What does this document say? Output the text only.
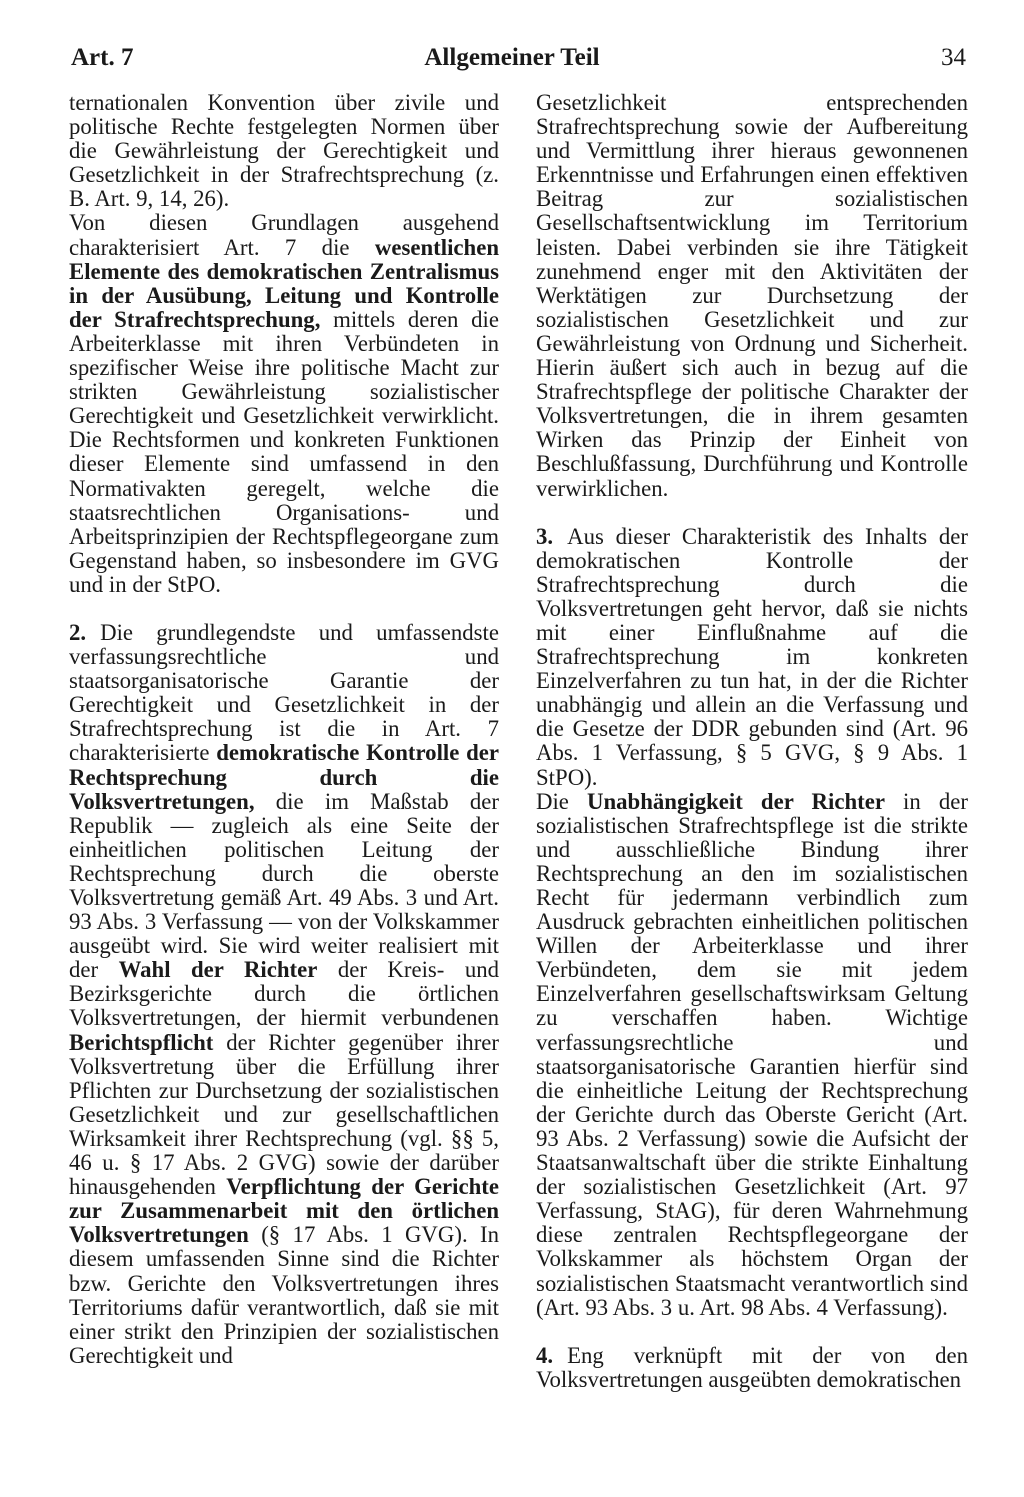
Art. 7	Allgemeiner Teil	34

ternationalen Konvention über zivile und politische Rechte festgelegten Normen über die Gewährleistung der Gerechtigkeit und Gesetzlichkeit in der Strafrechtsprechung (z. B. Art. 9, 14, 26).

Von diesen Grundlagen ausgehend charakterisiert Art. 7 die wesentlichen Elemente des demokratischen Zentralismus in der Ausübung, Leitung und Kontrolle der Strafrechtsprechung, mittels deren die Arbeiterklasse mit ihren Verbündeten in spezifischer Weise ihre politische Macht zur strikten Gewährleistung sozialistischer Gerechtigkeit und Gesetzlichkeit verwirklicht. Die Rechtsformen und konkreten Funktionen dieser Elemente sind umfassend in den Normativakten geregelt, welche die staatsrechtlichen Organisations- und Arbeitsprinzipien der Rechtspflegeorgane zum Gegenstand haben, so insbesondere im GVG und in der StPO.

2. Die grundlegendste und umfassendste verfassungsrechtliche und staatsorganisatorische Garantie der Gerechtigkeit und Gesetzlichkeit in der Strafrechtsprechung ist die in Art. 7 charakterisierte demokratische Kontrolle der Rechtsprechung durch die Volksvertretungen, die im Maßstab der Republik — zugleich als eine Seite der einheitlichen politischen Leitung der Rechtsprechung durch die oberste Volksvertretung gemäß Art. 49 Abs. 3 und Art. 93 Abs. 3 Verfassung — von der Volkskammer ausgeübt wird. Sie wird weiter realisiert mit der Wahl der Richter der Kreis- und Bezirksgerichte durch die örtlichen Volksvertretungen, der hiermit verbundenen Berichtspflicht der Richter gegenüber ihrer Volksvertretung über die Erfüllung ihrer Pflichten zur Durchsetzung der sozialistischen Gesetzlichkeit und zur gesellschaftlichen Wirksamkeit ihrer Rechtsprechung (vgl. §§ 5, 46 u. § 17 Abs. 2 GVG) sowie der darüber hinausgehenden Verpflichtung der Gerichte zur Zusammenarbeit mit den örtlichen Volksvertretungen (§ 17 Abs. 1 GVG). In diesem umfassenden Sinne sind die Richter bzw. Gerichte den Volksvertretungen ihres Territoriums dafür verantwortlich, daß sie mit einer strikt den Prinzipien der sozialistischen Gerechtigkeit und

Gesetzlichkeit entsprechenden Strafrechtsprechung sowie der Aufbereitung und Vermittlung ihrer hieraus gewonnenen Erkenntnisse und Erfahrungen einen effektiven Beitrag zur sozialistischen Gesellschaftsentwicklung im Territorium leisten. Dabei verbinden sie ihre Tätigkeit zunehmend enger mit den Aktivitäten der Werktätigen zur Durchsetzung der sozialistischen Gesetzlichkeit und zur Gewährleistung von Ordnung und Sicherheit. Hierin äußert sich auch in bezug auf die Strafrechtspflege der politische Charakter der Volksvertretungen, die in ihrem gesamten Wirken das Prinzip der Einheit von Beschlußfassung, Durchführung und Kontrolle verwirklichen.

3. Aus dieser Charakteristik des Inhalts der demokratischen Kontrolle der Strafrechtsprechung durch die Volksvertretungen geht hervor, daß sie nichts mit einer Einflußnahme auf die Strafrechtsprechung im konkreten Einzelverfahren zu tun hat, in der die Richter unabhängig und allein an die Verfassung und die Gesetze der DDR gebunden sind (Art. 96 Abs. 1 Verfassung, § 5 GVG, § 9 Abs. 1 StPO).

Die Unabhängigkeit der Richter in der sozialistischen Strafrechtspflege ist die strikte und ausschließliche Bindung ihrer Rechtsprechung an den im sozialistischen Recht für jedermann verbindlich zum Ausdruck gebrachten einheitlichen politischen Willen der Arbeiterklasse und ihrer Verbündeten, dem sie mit jedem Einzelverfahren gesellschaftswirksam Geltung zu verschaffen haben. Wichtige verfassungsrechtliche und staatsorganisatorische Garantien hierfür sind die einheitliche Leitung der Rechtsprechung der Gerichte durch das Oberste Gericht (Art. 93 Abs. 2 Verfassung) sowie die Aufsicht der Staatsanwaltschaft über die strikte Einhaltung der sozialistischen Gesetzlichkeit (Art. 97 Verfassung, StAG), für deren Wahrnehmung diese zentralen Rechtspflegeorgane der Volkskammer als höchstem Organ der sozialistischen Staatsmacht verantwortlich sind (Art. 93 Abs. 3 u. Art. 98 Abs. 4 Verfassung).

4. Eng verknüpft mit der von den Volksvertretungen ausgeübten demokratischen
